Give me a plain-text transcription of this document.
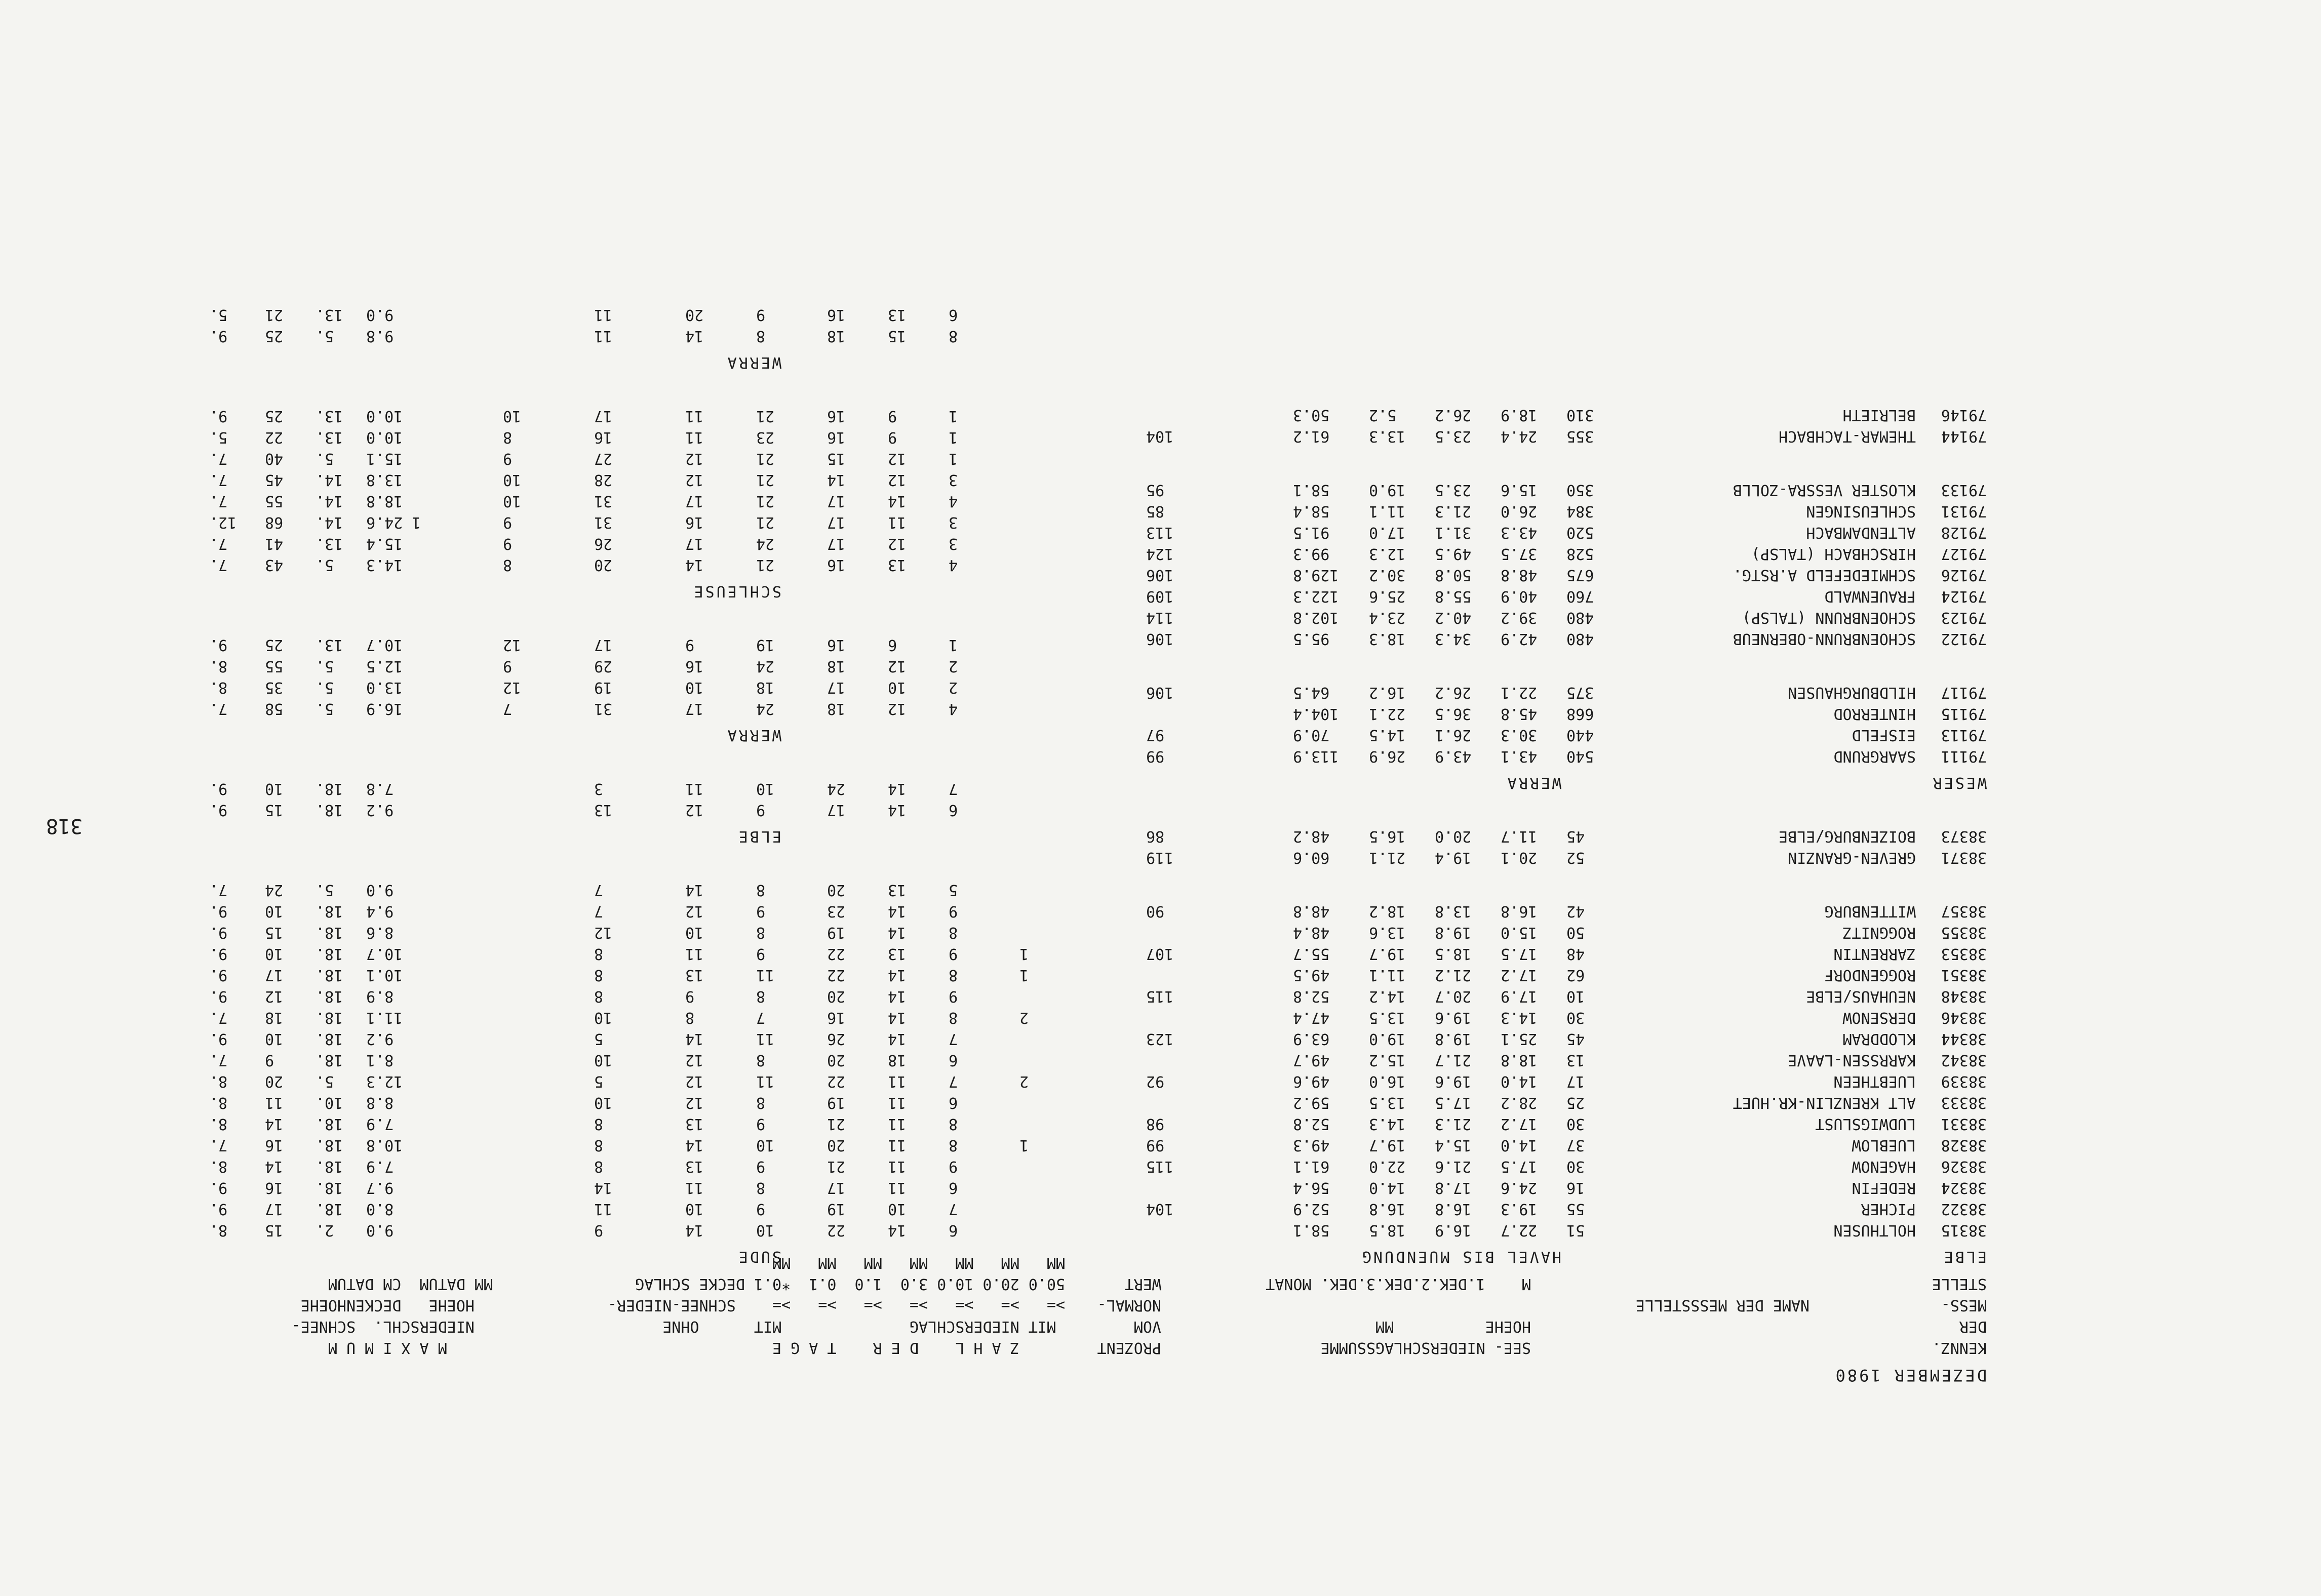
318
DEZEMBER 1980
KENNZ.
DER
MESS-
STELLE

NAME DER MESSSTELLE
SEE- NIEDERSCHLAGSSUMME
HOEHE          MM

M    1.DEK.2.DEK.3.DEK. MONAT
PROZENT
VOM
NORMAL-
WERT
Z A H L    D E R    T A G E
MIT NIEDERSCHLAG              MIT      OHNE
>=   >=   >=   >=   >=   >=   >=    SCHNEE-NIEDER-
50.0 20.0 10.0 3.0  1.0  0.1  *0.1 DECKE SCHLAG
MM   MM   MM   MM   MM   MM   MM
M A X I M U M
NIEDERSCHL.  SCHNEE-
HOEHE   DECKENHOEHE
MM DATUM  CM DATUM
ELBE
HAVEL BIS MUENDUNG
38315
HOLTHUSEN
51
22.7
16.9
18.5
58.1
38322
PICHER
55
19.3
16.8
16.8
52.9
104
38324
REDEFIN
16
24.6
17.8
14.0
56.4
38326
HAGENOW
30
17.5
21.6
22.0
61.1
115
38328
LUEBLOW
37
14.0
15.4
19.7
49.3
99
38331
LUDWIGSLUST
30
17.2
21.3
14.3
52.8
98
38333
ALT KRENZLIN-KR.HUET
25
28.2
17.5
13.5
59.2
38339
LUEBTHEEN
17
14.0
19.6
16.0
49.6
92
38342
KARRSSEN-LAAVE
13
18.8
21.7
15.2
49.7
38344
KLODDRAM
45
25.1
19.8
19.0
63.9
123
38346
DERSENOW
30
14.3
19.6
13.5
47.4
38348
NEUHAUS/ELBE
10
17.9
20.7
14.2
52.8
115
38351
ROGGENDORF
62
17.2
21.2
11.1
49.5
38353
ZARRENTIN
48
17.5
18.5
19.7
55.7
107
38355
ROGGNITZ
50
15.0
19.8
13.6
48.4
38357
WITTENBURG
42
16.8
13.8
18.2
48.8
90
38371
GREVEN-GRANZIN
52
20.1
19.4
21.1
60.6
119
38373
BOIZENBURG/ELBE
45
11.7
20.0
16.5
48.2
86
WESER
WERRA
79111
SAARGRUND
540
43.1
43.9
26.9
113.9
99
79113
EISFELD
440
30.3
26.1
14.5
70.9
97
79115
HINTERROD
668
45.8
36.5
22.1
104.4
79117
HILDBURGHAUSEN
375
22.1
26.2
16.2
64.5
106
79122
SCHOENBRUNN-OBERNEUB
480
42.9
34.3
18.3
95.5
106
79123
SCHOENBRUNN (TALSP)
480
39.2
40.2
23.4
102.8
114
79124
FRAUENWALD
760
40.9
55.8
25.6
122.3
109
79126
SCHMIEDEFELD A.RSTG.
675
48.8
50.8
30.2
129.8
106
79127
HIRSCHBACH (TALSP)
528
37.5
49.5
12.3
99.3
124
79128
ALTENDAMBACH
520
43.3
31.1
17.0
91.5
113
79131
SCHLEUSINGEN
384
26.0
21.3
11.1
58.4
85
79133
KLOSTER VESSRA-ZOLLB
350
15.6
23.5
19.0
58.1
95
79144
THEMAR-TACHBACH
355
24.4
23.5
13.3
61.2
104
79146
BELRIETH
310
18.9
26.2
5.2
50.3
SUDE
6
14
22
10
14
9
9.0
2.
15
8.
7
10
19
9
10
11
8.0
18.
17
9.
6
11
17
8
11
14
9.7
18.
16
9.
9
11
21
9
13
8
7.9
18.
14
8.
1
8
11
20
10
14
8
10.8
18.
16
7.
8
11
21
9
13
8
7.9
18.
14
8.
6
11
19
8
12
10
8.8
10.
11
8.
2
7
11
22
11
12
5
12.3
5.
20
8.
6
18
20
8
12
10
8.1
18.
9
7.
7
14
26
11
14
5
9.2
18.
10
9.
2
8
14
16
7
8
10
11.1
18.
18
7.
9
14
20
8
9
8
8.9
18.
12
9.
1
8
14
22
11
13
8
10.1
18.
17
9.
1
9
13
22
9
11
8
10.7
18.
10
9.
8
14
19
8
10
12
8.6
18.
15
9.
9
14
23
9
12
7
9.4
18.
10
9.
5
13
20
8
14
7
9.0
5.
24
7.
ELBE
6
14
17
9
12
13
9.2
18.
15
9.
7
14
24
10
11
3
7.8
18.
10
9.
WERRA
4
12
18
24
17
31
7
16.9
5.
58
7.
2
10
17
18
10
19
12
13.0
5.
35
8.
2
12
18
24
16
29
9
12.5
5.
55
8.
1
6
16
19
9
17
12
10.7
13.
25
9.
SCHLEUSE
4
13
16
21
14
20
8
14.3
5.
43
7.
3
12
17
24
17
26
9
15.4
13.
41
7.
3
11
17
21
16
31
9
1
24.6
14.
68
12.
4
14
17
21
17
31
10
18.8
14.
55
7.
3
12
14
21
12
28
10
13.8
14.
45
7.
1
12
15
21
12
27
9
15.1
5.
40
7.
1
9
16
23
11
16
8
10.0
13.
22
5.
1
9
16
21
11
17
10
10.0
13.
25
9.
WERRA
8
15
18
8
14
11
9.8
5.
25
9.
6
13
16
9
20
11
9.0
13.
21
5.
